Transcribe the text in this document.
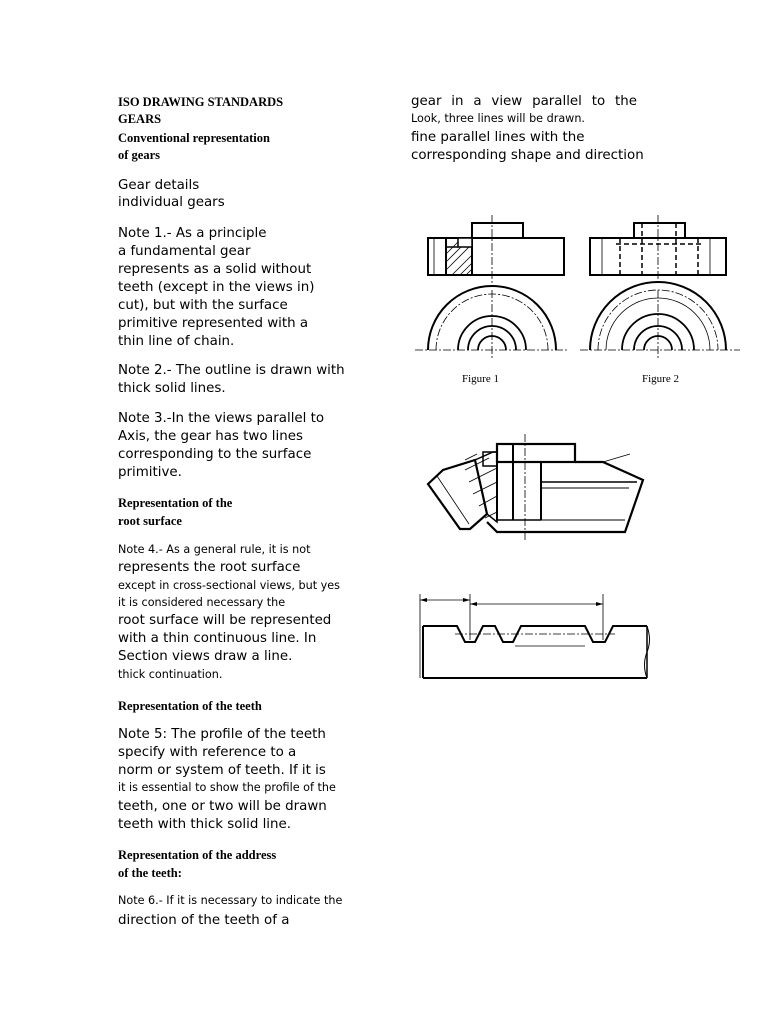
ISO DRAWING STANDARDS
GEARS
Conventional representation
of gears
Gear details
individual gears
Note 1.- As a principle
a fundamental gear
represents as a solid without
teeth (except in the views in)
cut), but with the surface
primitive represented with a
thin line of chain.
Note 2.- The outline is drawn with
thick solid lines.
Note 3.-In the views parallel to
Axis, the gear has two lines
corresponding to the surface
primitive.
Representation of the
root surface
Note 4.- As a general rule, it is not
represents the root surface
except in cross-sectional views, but yes
it is considered necessary the
root surface will be represented
with a thin continuous line. In
Section views draw a line.
thick continuation.
Representation of the teeth
Note 5: The profile of the teeth
specify with reference to a
norm or system of teeth. If it is
it is essential to show the profile of the
teeth, one or two will be drawn
teeth with thick solid line.
Representation of the address
of the teeth:
Note 6.- If it is necessary to indicate the
direction of the teeth of a
gear in a view parallel to the
Look, three lines will be drawn.
fine parallel lines with the
corresponding shape and direction
Figure 1	Figure 2
